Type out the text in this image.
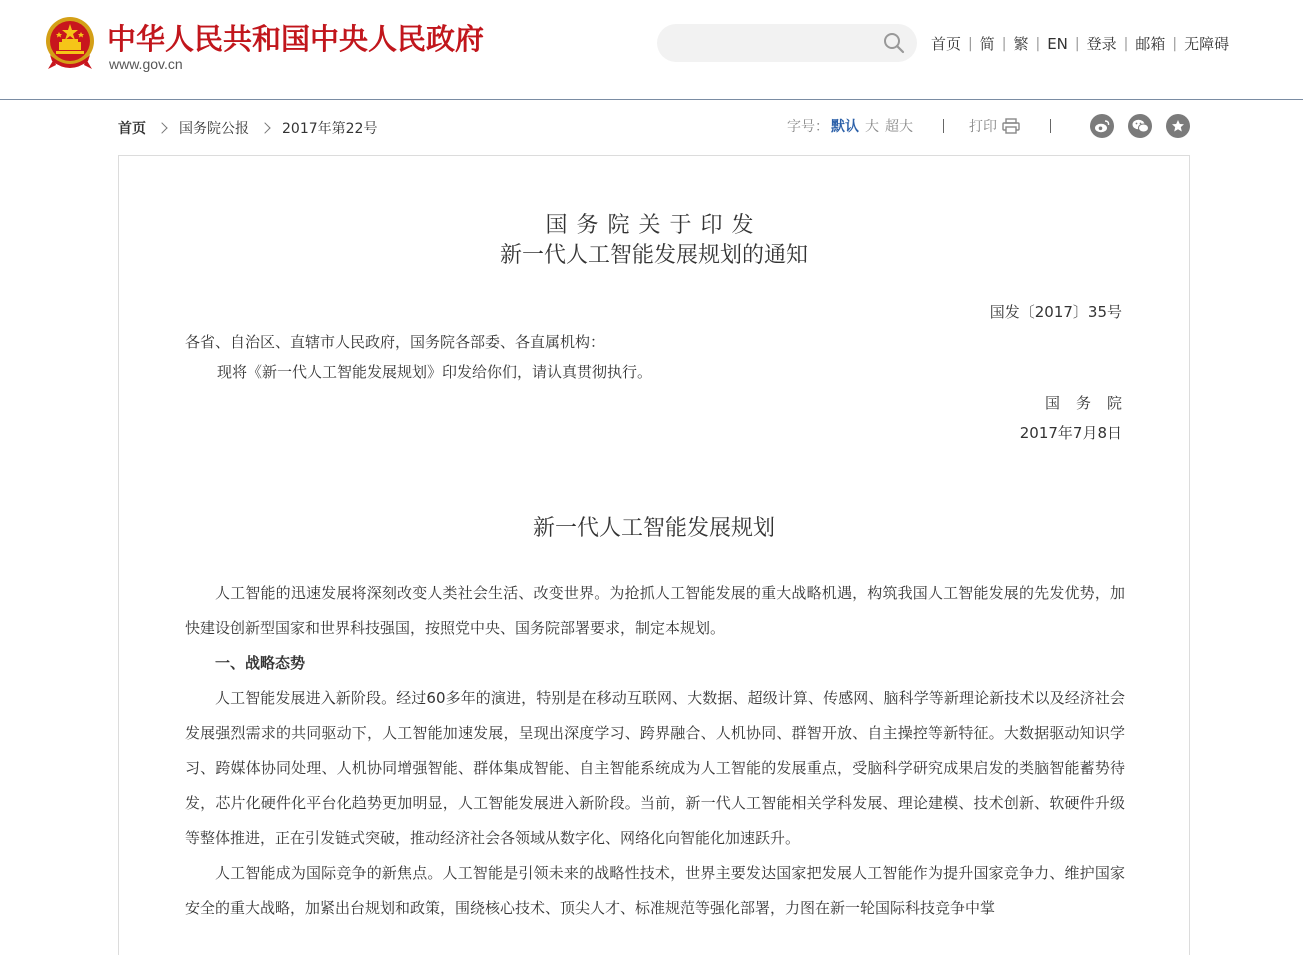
中华人民共和国中央人民政府
www.gov.cn
首页 | 简 | 繁 | EN | 登录 | 邮箱 | 无障碍
首页 国务院公报 2017年第22号	字号： 默认 大 超大	打印
国务院关于印发
新一代人工智能发展规划的通知
国发〔2017〕35号
各省、自治区、直辖市人民政府，国务院各部委、各直属机构：
现将《新一代人工智能发展规划》印发给你们，请认真贯彻执行。
国务院
2017年7月8日
新一代人工智能发展规划

人工智能的迅速发展将深刻改变人类社会生活、改变世界。为抢抓人工智能发展的重大战略机遇，构筑我国人工智能发展的先发优势，加快建设创新型国家和世界科技强国，按照党中央、国务院部署要求，制定本规划。

一、战略态势

人工智能发展进入新阶段。经过60多年的演进，特别是在移动互联网、大数据、超级计算、传感网、脑科学等新理论新技术以及经济社会发展强烈需求的共同驱动下，人工智能加速发展，呈现出深度学习、跨界融合、人机协同、群智开放、自主操控等新特征。大数据驱动知识学习、跨媒体协同处理、人机协同增强智能、群体集成智能、自主智能系统成为人工智能的发展重点，受脑科学研究成果启发的类脑智能蓄势待发，芯片化硬件化平台化趋势更加明显，人工智能发展进入新阶段。当前，新一代人工智能相关学科发展、理论建模、技术创新、软硬件升级等整体推进，正在引发链式突破，推动经济社会各领域从数字化、网络化向智能化加速跃升。

人工智能成为国际竞争的新焦点。人工智能是引领未来的战略性技术，世界主要发达国家把发展人工智能作为提升国家竞争力、维护国家安全的重大战略，加紧出台规划和政策，围绕核心技术、顶尖人才、标准规范等强化部署，力图在新一轮国际科技竞争中掌
